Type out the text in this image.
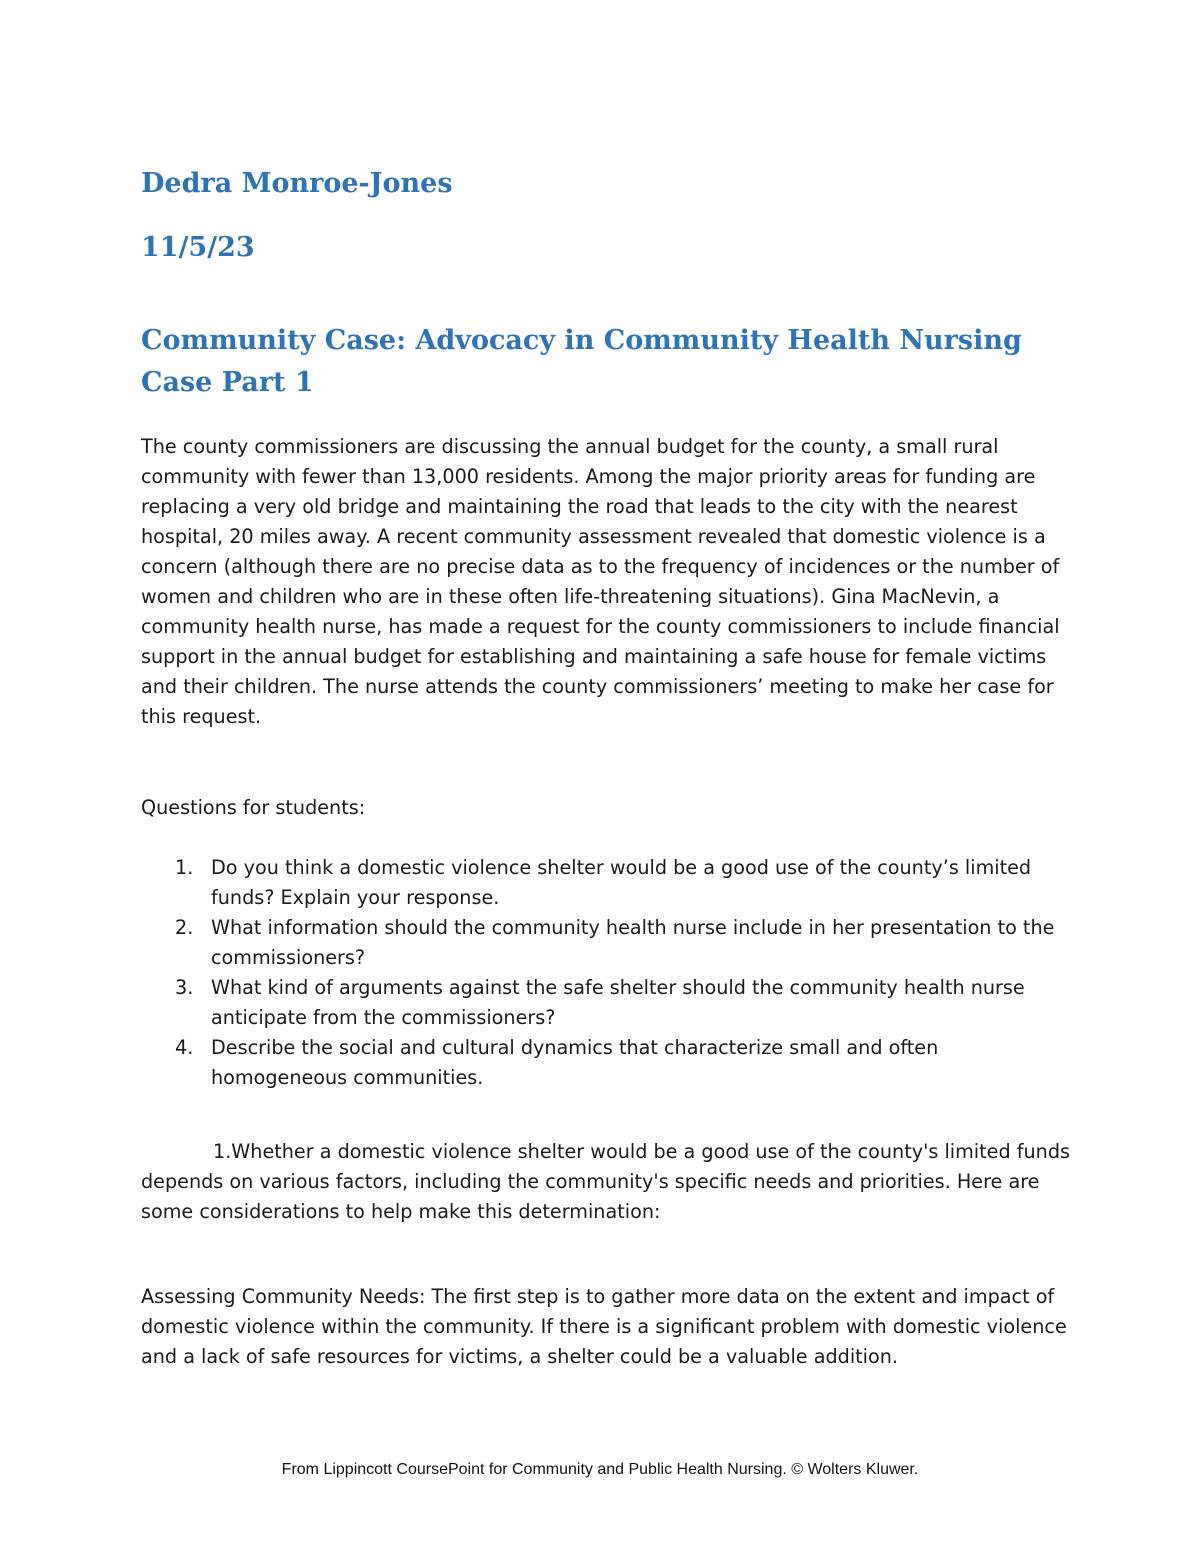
Dedra Monroe-Jones
11/5/23
Community Case: Advocacy in Community Health Nursing
Case Part 1

The county commissioners are discussing the annual budget for the county, a small rural community with fewer than 13,000 residents. Among the major priority areas for funding are replacing a very old bridge and maintaining the road that leads to the city with the nearest hospital, 20 miles away. A recent community assessment revealed that domestic violence is a concern (although there are no precise data as to the frequency of incidences or the number of women and children who are in these often life-threatening situations). Gina MacNevin, a community health nurse, has made a request for the county commissioners to include financial support in the annual budget for establishing and maintaining a safe house for female victims and their children. The nurse attends the county commissioners’ meeting to make her case for this request.

Questions for students:

1. Do you think a domestic violence shelter would be a good use of the county’s limited funds? Explain your response.
2. What information should the community health nurse include in her presentation to the commissioners?
3. What kind of arguments against the safe shelter should the community health nurse anticipate from the commissioners?
4. Describe the social and cultural dynamics that characterize small and often homogeneous communities.

1.Whether a domestic violence shelter would be a good use of the county's limited funds depends on various factors, including the community's specific needs and priorities. Here are some considerations to help make this determination:

Assessing Community Needs: The first step is to gather more data on the extent and impact of domestic violence within the community. If there is a significant problem with domestic violence and a lack of safe resources for victims, a shelter could be a valuable addition.

From Lippincott CoursePoint for Community and Public Health Nursing. © Wolters Kluwer.
